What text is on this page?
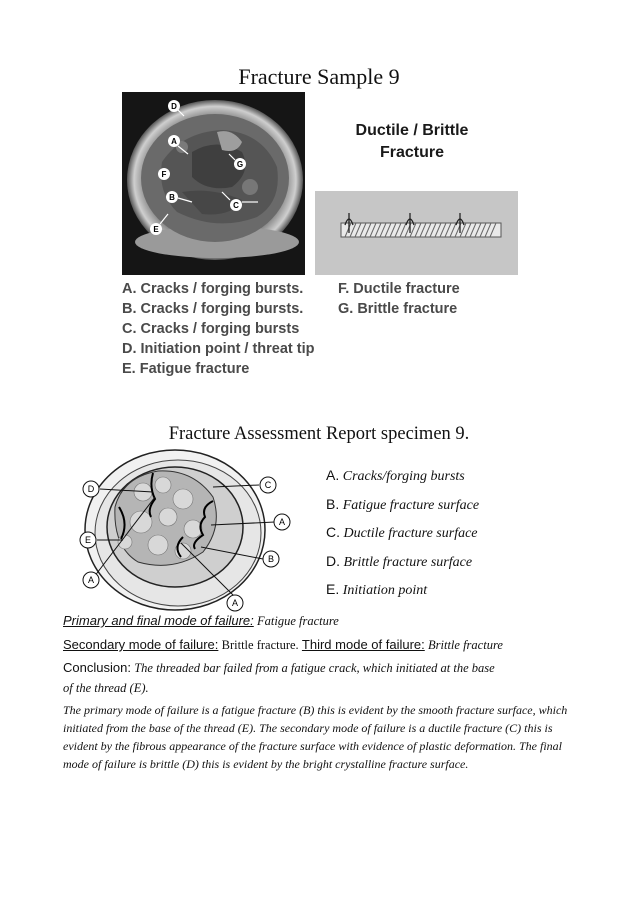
Fracture Sample 9
D
A
G
F
B
C
E
Ductile / Brittle
Fracture
A. Cracks / forging bursts.
B. Cracks / forging bursts.
C. Cracks / forging bursts
D. Initiation point / threat tip
E. Fatigue fracture
F. Ductile fracture
G. Brittle fracture
Fracture Assessment Report specimen 9.
D	C
A
E
B
A
A
A. Cracks/forging bursts
B. Fatigue fracture surface
C. Ductile fracture surface
D. Brittle fracture surface
E. Initiation point
Primary and final mode of failure: Fatigue fracture
Secondary mode of failure: Brittle fracture. Third mode of failure: Brittle fracture
Conclusion: The threaded bar failed from a fatigue crack, which initiated at the base
of the thread (E).
The primary mode of failure is a fatigue fracture (B) this is evident by the smooth fracture surface, which initiated from the base of the thread (E). The secondary mode of failure is a ductile fracture (C) this is evident by the fibrous appearance of the fracture surface with evidence of plastic deformation. The final mode of failure is brittle (D) this is evident by the bright crystalline fracture surface.
